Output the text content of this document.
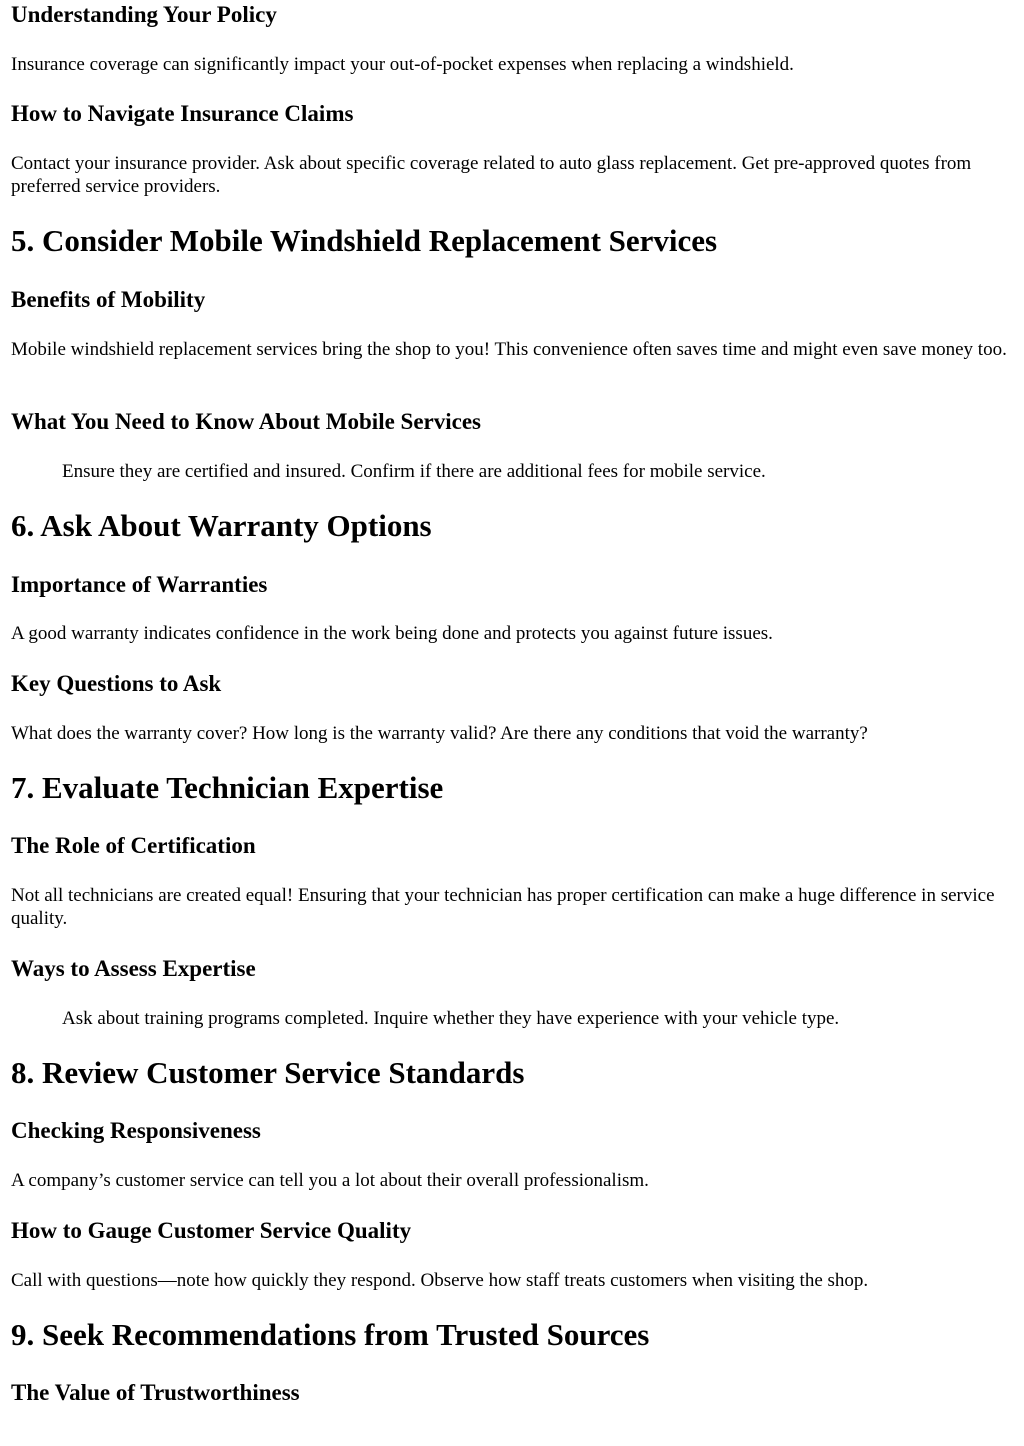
Understanding Your Policy

Insurance coverage can significantly impact your out-of-pocket expenses when replacing a windshield.

How to Navigate Insurance Claims

Contact your insurance provider. Ask about specific coverage related to auto glass replacement. Get pre-approved quotes from preferred service providers.

5. Consider Mobile Windshield Replacement Services
Benefits of Mobility

Mobile windshield replacement services bring the shop to you! This convenience often saves time and might even save money too.

What You Need to Know About Mobile Services

Ensure they are certified and insured. Confirm if there are additional fees for mobile service.

6. Ask About Warranty Options
Importance of Warranties

A good warranty indicates confidence in the work being done and protects you against future issues.

Key Questions to Ask

What does the warranty cover? How long is the warranty valid? Are there any conditions that void the warranty?

7. Evaluate Technician Expertise
The Role of Certification

Not all technicians are created equal! Ensuring that your technician has proper certification can make a huge difference in service quality.

Ways to Assess Expertise

Ask about training programs completed. Inquire whether they have experience with your vehicle type.

8. Review Customer Service Standards
Checking Responsiveness

A company’s customer service can tell you a lot about their overall professionalism.

How to Gauge Customer Service Quality

Call with questions—note how quickly they respond. Observe how staff treats customers when visiting the shop.

9. Seek Recommendations from Trusted Sources
The Value of Trustworthiness
